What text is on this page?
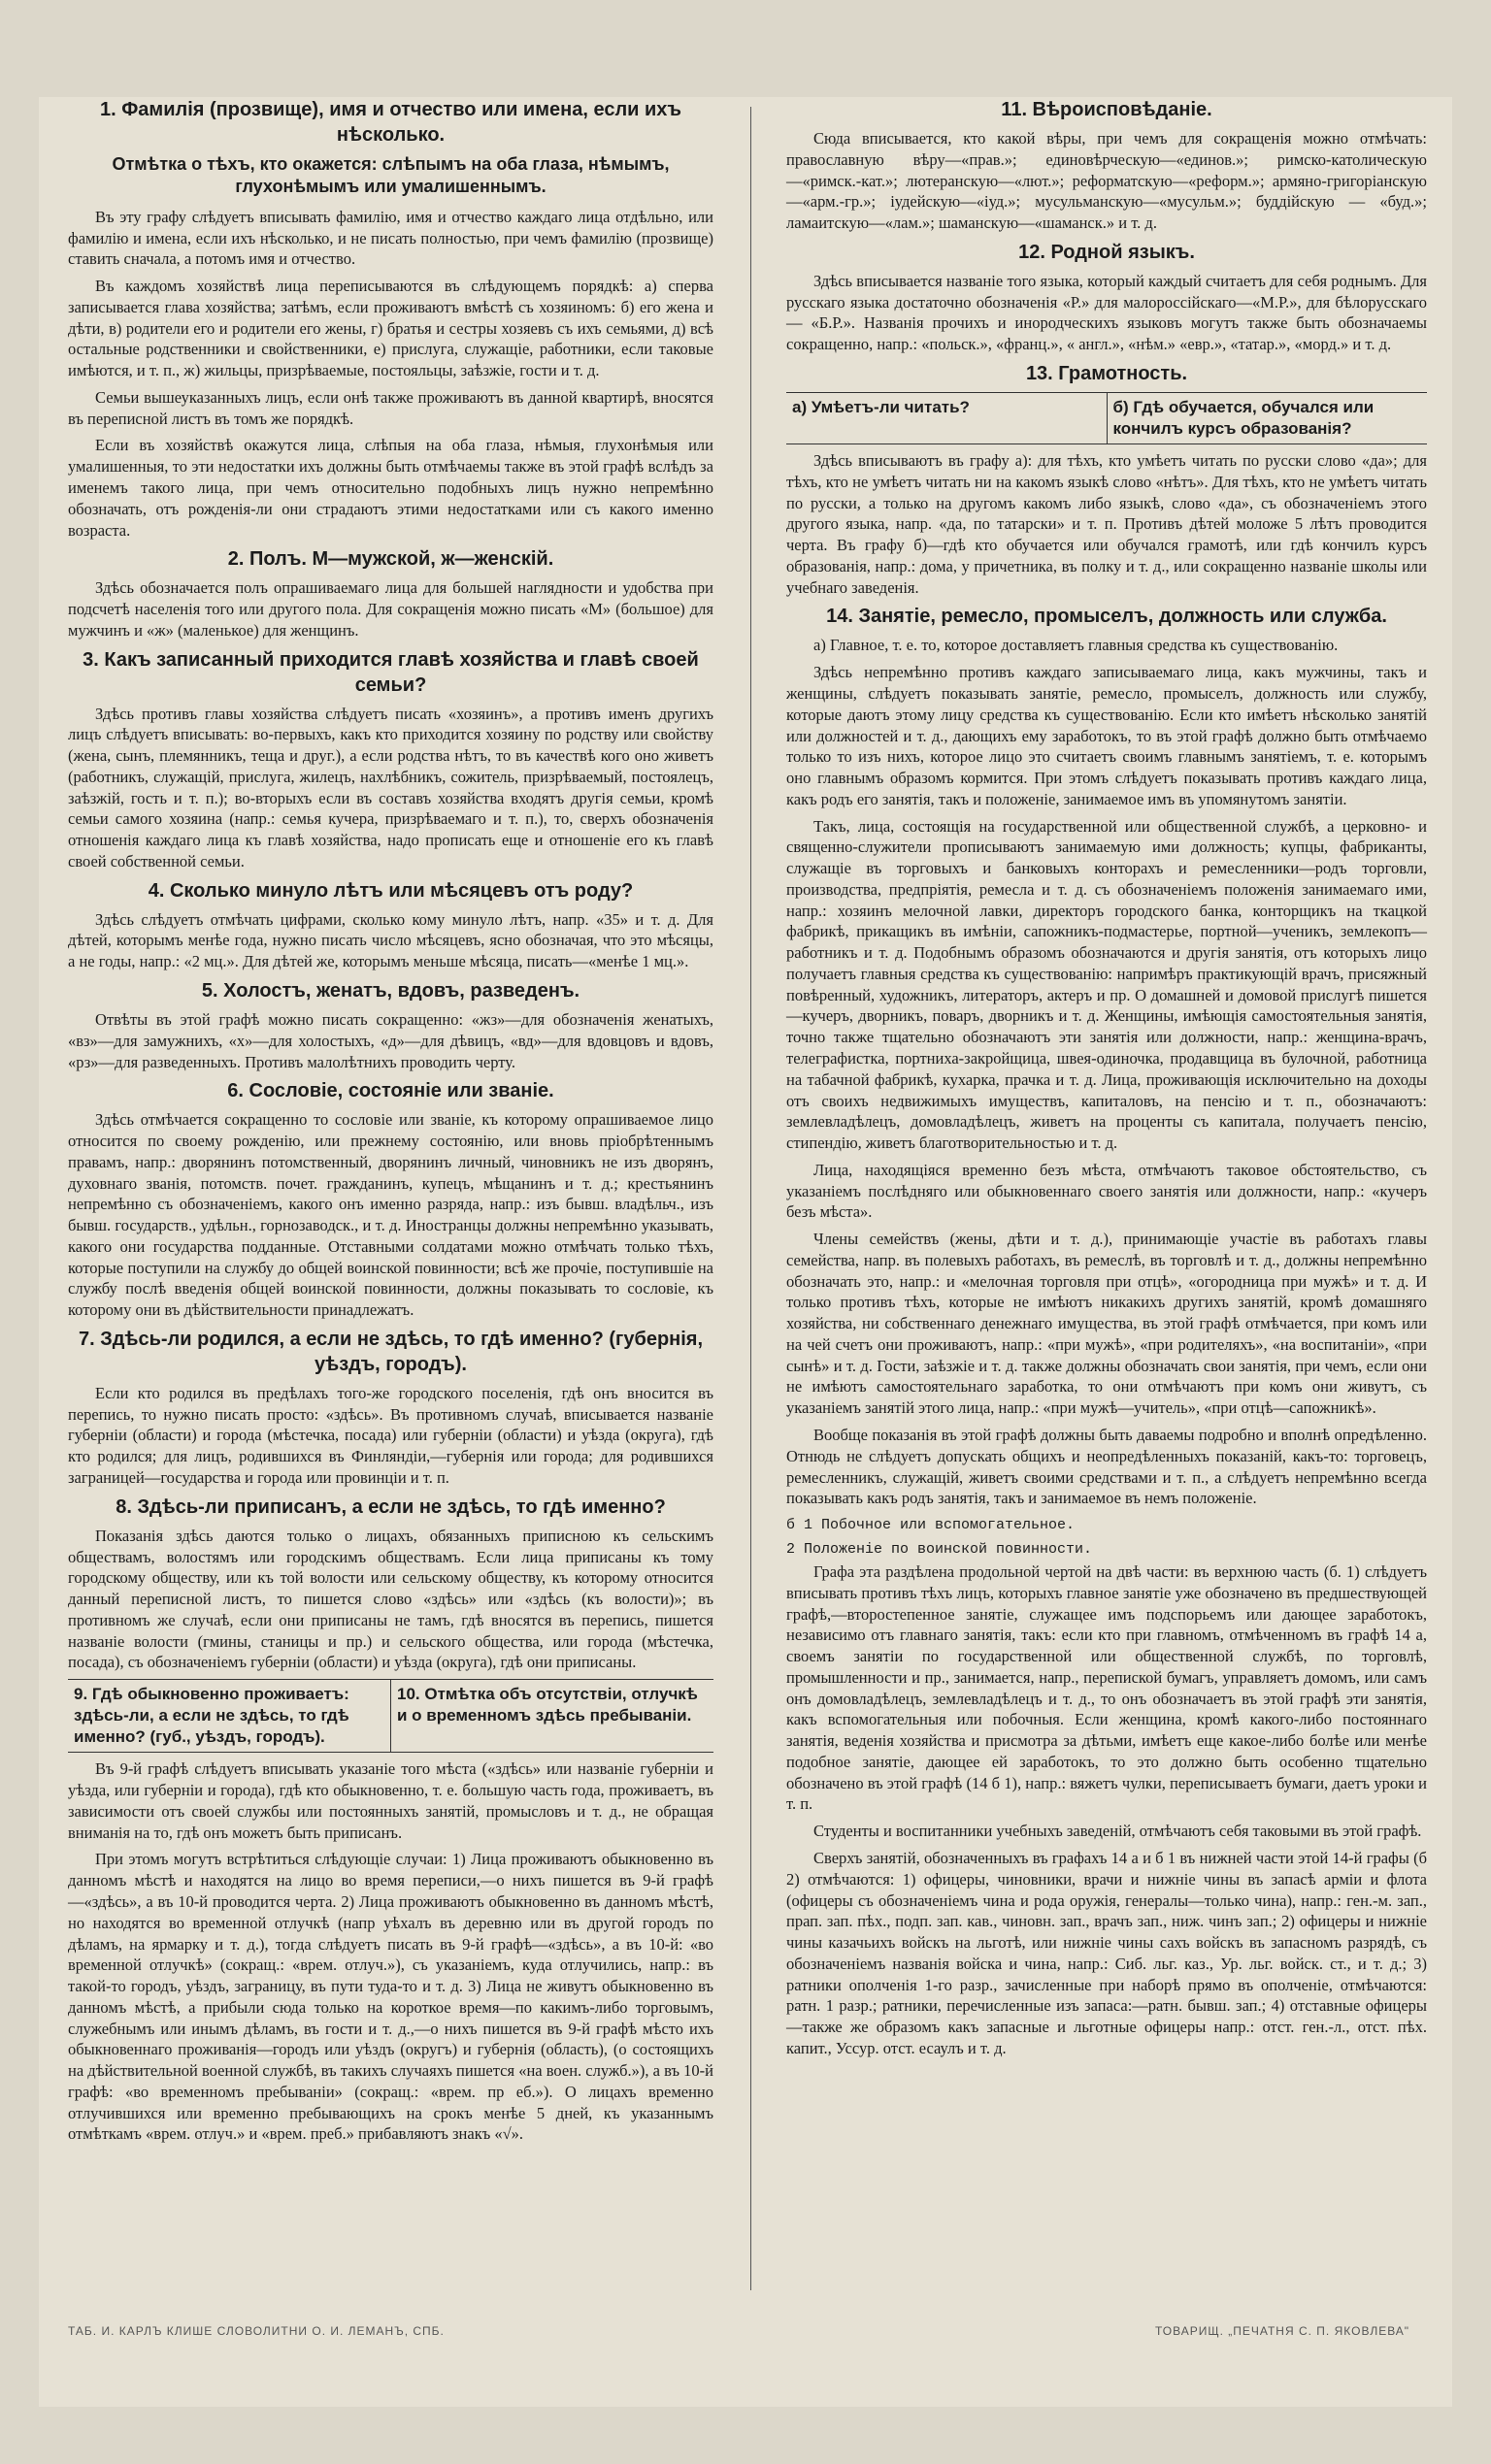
1. Фамилія (прозвище), имя и отчество или имена, если ихъ нѣсколько.
Отмѣтка о тѣхъ, кто окажется: слѣпымъ на оба глаза, нѣмымъ, глухонѣмымъ или умалишеннымъ.

Въ эту графу слѣдуетъ вписывать фамилію, имя и отчество каждаго лица отдѣльно, или фамилію и имена, если ихъ нѣсколько, и не писать полностью, при чемъ фамилію (прозвище) ставить сначала, а потомъ имя и отчество.

Въ каждомъ хозяйствѣ лица переписываются въ слѣдующемъ порядкѣ: а) сперва записывается глава хозяйства; затѣмъ, если проживаютъ вмѣстѣ съ хозяиномъ: б) его жена и дѣти, в) родители его и родители его жены, г) братья и сестры хозяевъ съ ихъ семьями, д) всѣ остальные родственники и свойственники, е) прислуга, служащіе, работники, если таковые имѣются, и т. п., ж) жильцы, призрѣваемые, постояльцы, заѣзжіе, гости и т. д.

Семьи вышеуказанныхъ лицъ, если онѣ также проживаютъ въ данной квартирѣ, вносятся въ переписной листъ въ томъ же порядкѣ.

Если въ хозяйствѣ окажутся лица, слѣпыя на оба глаза, нѣмыя, глухонѣмыя или умалишенныя, то эти недостатки ихъ должны быть отмѣчаемы также въ этой графѣ вслѣдъ за именемъ такого лица, при чемъ относительно подобныхъ лицъ нужно непремѣнно обозначать, отъ рожденія-ли они страдаютъ этими недостатками или съ какого именно возраста.

2. Полъ. М—мужской, ж—женскій.

Здѣсь обозначается полъ опрашиваемаго лица для большей наглядности и удобства при подсчетѣ населенія того или другого пола. Для сокращенія можно писать «М» (большое) для мужчинъ и «ж» (маленькое) для женщинъ.

3. Какъ записанный приходится главѣ хозяйства и главѣ своей семьи?

Здѣсь противъ главы хозяйства слѣдуетъ писать «хозяинъ», а противъ именъ другихъ лицъ слѣдуетъ вписывать: во-первыхъ, какъ кто приходится хозяину по родству или свойству (жена, сынъ, племянникъ, теща и друг.), а если родства нѣтъ, то въ качествѣ кого оно живетъ (работникъ, служащій, прислуга, жилецъ, нахлѣбникъ, сожитель, призрѣваемый, постоялецъ, заѣзжій, гость и т. п.); во-вторыхъ если въ составъ хозяйства входятъ другія семьи, кромѣ семьи самого хозяина (напр.: семья кучера, призрѣваемаго и т. п.), то, сверхъ обозначенія отношенія каждаго лица къ главѣ хозяйства, надо прописать еще и отношеніе его къ главѣ своей собственной семьи.

4. Сколько минуло лѣтъ или мѣсяцевъ отъ роду?

Здѣсь слѣдуетъ отмѣчать цифрами, сколько кому минуло лѣтъ, напр. «35» и т. д. Для дѣтей, которымъ менѣе года, нужно писать число мѣсяцевъ, ясно обозначая, что это мѣсяцы, а не годы, напр.: «2 мц.». Для дѣтей же, которымъ меньше мѣсяца, писать—«менѣе 1 мц.».

5. Холостъ, женатъ, вдовъ, разведенъ.

Отвѣты въ этой графѣ можно писать сокращенно: «жз»—для обозначенія женатыхъ, «вз»—для замужнихъ, «х»—для холостыхъ, «д»—для дѣвицъ, «вд»—для вдовцовъ и вдовъ, «рз»—для разведенныхъ. Противъ малолѣтнихъ проводить черту.

6. Сословіе, состояніе или званіе.

Здѣсь отмѣчается сокращенно то сословіе или званіе, къ которому опрашиваемое лицо относится по своему рожденію, или прежнему состоянію, или вновь пріобрѣтеннымъ правамъ, напр.: дворянинъ потомственный, дворянинъ личный, чиновникъ не изъ дворянъ, духовнаго званія, потомств. почет. гражданинъ, купецъ, мѣщанинъ и т. д.; крестьянинъ непремѣнно съ обозначеніемъ, какого онъ именно разряда, напр.: изъ бывш. владѣльч., изъ бывш. государств., удѣльн., горнозаводск., и т. д. Иностранцы должны непремѣнно указывать, какого они государства подданные. Отставными солдатами можно отмѣчать только тѣхъ, которые поступили на службу до общей воинской повинности; всѣ же прочіе, поступившіе на службу послѣ введенія общей воинской повинности, должны показывать то сословіе, къ которому они въ дѣйствительности принадлежатъ.

7. Здѣсь-ли родился, а если не здѣсь, то гдѣ именно? (губернія, уѣздъ, городъ).

Если кто родился въ предѣлахъ того-же городского поселенія, гдѣ онъ вносится въ перепись, то нужно писать просто: «здѣсь». Въ противномъ случаѣ, вписывается названіе губерніи (области) и города (мѣстечка, посада) или губерніи (области) и уѣзда (округа), гдѣ кто родился; для лицъ, родившихся въ Финляндіи,—губернія или города; для родившихся заграницей—государства и города или провинціи и т. п.

8. Здѣсь-ли приписанъ, а если не здѣсь, то гдѣ именно?

Показанія здѣсь даются только о лицахъ, обязанныхъ приписною къ сельскимъ обществамъ, волостямъ или городскимъ обществамъ. Если лица приписаны къ тому городскому обществу, или къ той волости или сельскому обществу, къ которому относится данный переписной листъ, то пишется слово «здѣсь» или «здѣсь (къ волости)»; въ противномъ же случаѣ, если они приписаны не тамъ, гдѣ вносятся въ перепись, пишется названіе волости (гмины, станицы и пр.) и сельского общества, или города (мѣстечка, посада), съ обозначеніемъ губерніи (области) и уѣзда (округа), гдѣ они приписаны.

9. Гдѣ обыкновенно проживаетъ: здѣсь-ли, а если не здѣсь, то гдѣ именно? (губ., уѣздъ, городъ).
10. Отмѣтка объ отсутствіи, отлучкѣ и о временномъ здѣсь пребываніи.

Въ 9-й графѣ слѣдуетъ вписывать указаніе того мѣста («здѣсь» или названіе губерніи и уѣзда, или губерніи и города), гдѣ кто обыкновенно, т. е. большую часть года, проживаетъ, въ зависимости отъ своей службы или постоянныхъ занятій, промысловъ и т. д., не обращая вниманія на то, гдѣ онъ можетъ быть приписанъ.

При этомъ могутъ встрѣтиться слѣдующіе случаи: 1) Лица проживаютъ обыкновенно въ данномъ мѣстѣ и находятся на лицо во время переписи,—о нихъ пишется въ 9-й графѣ—«здѣсь», а въ 10-й проводится черта. 2) Лица проживаютъ обыкновенно въ данномъ мѣстѣ, но находятся во временной отлучкѣ (напр уѣхалъ въ деревню или въ другой городъ по дѣламъ, на ярмарку и т. д.), тогда слѣдуетъ писать въ 9-й графѣ—«здѣсь», а въ 10-й: «во временной отлучкѣ» (сокращ.: «врем. отлуч.»), съ указаніемъ, куда отлучились, напр.: въ такой-то городъ, уѣздъ, заграницу, въ пути туда-то и т. д. 3) Лица не живутъ обыкновенно въ данномъ мѣстѣ, а прибыли сюда только на короткое время—по какимъ-либо торговымъ, служебнымъ или инымъ дѣламъ, въ гости и т. д.,—о нихъ пишется въ 9-й графѣ мѣсто ихъ обыкновеннаго проживанія—городъ или уѣздъ (округъ) и губернія (область), (о состоящихъ на дѣйствительной военной службѣ, въ такихъ случаяхъ пишется «на воен. служб.»), а въ 10-й графѣ: «во временномъ пребываніи» (сокращ.: «врем. пр еб.»). О лицахъ временно отлучившихся или временно пребывающихъ на срокъ менѣе 5 дней, къ указаннымъ отмѣткамъ «врем. отлуч.» и «врем. преб.» прибавляютъ знакъ «√».

11. Вѣроисповѣданіе.

Сюда вписывается, кто какой вѣры, при чемъ для сокращенія можно отмѣчать: православную вѣру—«прав.»; единовѣрческую—«единов.»; римско-католическую—«римск.-кат.»; лютеранскую—«лют.»; реформатскую—«реформ.»; армяно-григоріанскую—«арм.-гр.»; іудейскую—«іуд.»; мусульманскую—«мусульм.»; буддійскую — «буд.»; ламаитскую—«лам.»; шаманскую—«шаманск.» и т. д.

12. Родной языкъ.

Здѣсь вписывается названіе того языка, который каждый считаетъ для себя роднымъ. Для русскаго языка достаточно обозначенія «Р.» для малороссійскаго—«М.Р.», для бѣлорусскаго — «Б.Р.». Названія прочихъ и инородческихъ языковъ могутъ также быть обозначаемы сокращенно, напр.: «польск.», «франц.», « англ.», «нѣм.» «евр.», «татар.», «морд.» и т. д.

13. Грамотность.
а) Умѣетъ-ли читать?	б) Гдѣ обучается, обучался или кончилъ курсъ образованія?

Здѣсь вписываютъ въ графу а): для тѣхъ, кто умѣетъ читать по русски слово «да»; для тѣхъ, кто не умѣетъ читать ни на какомъ языкѣ слово «нѣтъ». Для тѣхъ, кто не умѣетъ читать по русски, а только на другомъ какомъ либо языкѣ, слово «да», съ обозначеніемъ этого другого языка, напр. «да, по татарски» и т. п. Противъ дѣтей моложе 5 лѣтъ проводится черта. Въ графу б)—гдѣ кто обучается или обучался грамотѣ, или гдѣ кончилъ курсъ образованія, напр.: дома, у причетника, въ полку и т. д., или сокращенно названіе школы или учебнаго заведенія.

14. Занятіе, ремесло, промыселъ, должность или служба.

а) Главное, т. е. то, которое доставляетъ главныя средства къ существованію.

Здѣсь непремѣнно противъ каждаго записываемаго лица, какъ мужчины, такъ и женщины, слѣдуетъ показывать занятіе, ремесло, промыселъ, должность или службу, которые даютъ этому лицу средства къ существованію. Если кто имѣетъ нѣсколько занятій или должностей и т. д., дающихъ ему заработокъ, то въ этой графѣ должно быть отмѣчаемо только то изъ нихъ, которое лицо это считаетъ своимъ главнымъ занятіемъ, т. е. которымъ оно главнымъ образомъ кормится. При этомъ слѣдуетъ показывать противъ каждаго лица, какъ родъ его занятія, такъ и положеніе, занимаемое имъ въ упомянутомъ занятіи.

Такъ, лица, состоящія на государственной или общественной службѣ, а церковно- и священно-служители прописываютъ занимаемую ими должность; купцы, фабриканты, служащіе въ торговыхъ и банковыхъ конторахъ и ремесленники—родъ торговли, производства, предпріятія, ремесла и т. д. съ обозначеніемъ положенія занимаемаго ими, напр.: хозяинъ мелочной лавки, директоръ городского банка, конторщикъ на ткацкой фабрикѣ, прикащикъ въ имѣніи, сапожникъ-подмастерье, портной—ученикъ, землекопъ—работникъ и т. д. Подобнымъ образомъ обозначаются и другія занятія, отъ которыхъ лицо получаетъ главныя средства къ существованію: напримѣръ практикующій врачъ, присяжный повѣренный, художникъ, литераторъ, актеръ и пр. О домашней и домовой прислугѣ пишется—кучеръ, дворникъ, поваръ, дворникъ и т. д. Женщины, имѣющія самостоятельныя занятія, точно также тщательно обозначаютъ эти занятія или должности, напр.: женщина-врачъ, телеграфистка, портниха-закройщица, швея-одиночка, продавщица въ булочной, работница на табачной фабрикѣ, кухарка, прачка и т. д. Лица, проживающія исключительно на доходы отъ своихъ недвижимыхъ имуществъ, капиталовъ, на пенсію и т. п., обозначаютъ: землевладѣлецъ, домовладѣлецъ, живетъ на проценты съ капитала, получаетъ пенсію, стипендію, живетъ благотворительностью и т. д.

Лица, находящіяся временно безъ мѣста, отмѣчаютъ таковое обстоятельство, съ указаніемъ послѣдняго или обыкновеннаго своего занятія или должности, напр.: «кучеръ безъ мѣста».

Члены семействъ (жены, дѣти и т. д.), принимающіе участіе въ работахъ главы семейства, напр. въ полевыхъ работахъ, въ ремеслѣ, въ торговлѣ и т. д., должны непремѣнно обозначать это, напр.: и «мелочная торговля при отцѣ», «огородница при мужѣ» и т. д. И только противъ тѣхъ, которые не имѣютъ никакихъ другихъ занятій, кромѣ домашняго хозяйства, ни собственнаго денежнаго имущества, въ этой графѣ отмѣчается, при комъ или на чей счетъ они проживаютъ, напр.: «при мужѣ», «при родителяхъ», «на воспитаніи», «при сынѣ» и т. д. Гости, заѣзжіе и т. д. также должны обозначать свои занятія, при чемъ, если они не имѣютъ самостоятельнаго заработка, то они отмѣчаютъ при комъ они живутъ, съ указаніемъ занятій этого лица, напр.: «при мужѣ—учитель», «при отцѣ—сапожникѣ».

Вообще показанія въ этой графѣ должны быть даваемы подробно и вполнѣ опредѣленно. Отнюдь не слѣдуетъ допускать общихъ и неопредѣленныхъ показаній, какъ-то: торговецъ, ремесленникъ, служащій, живетъ своими средствами и т. п., а слѣдуетъ непремѣнно всегда показывать какъ родъ занятія, такъ и занимаемое въ немъ положеніе.

б 1 Побочное или вспомогательное.
2 Положеніе по воинской повинности.

Графа эта раздѣлена продольной чертой на двѣ части: въ верхнюю часть (б. 1) слѣдуетъ вписывать противъ тѣхъ лицъ, которыхъ главное занятіе уже обозначено въ предшествующей графѣ,—второстепенное занятіе, служащее имъ подспорьемъ или дающее заработокъ, независимо отъ главнаго занятія, такъ: если кто при главномъ, отмѣченномъ въ графѣ 14 а, своемъ занятіи по государственной или общественной службѣ, по торговлѣ, промышленности и пр., занимается, напр., перепиской бумагъ, управляетъ домомъ, или самъ онъ домовладѣлецъ, землевладѣлецъ и т. д., то онъ обозначаетъ въ этой графѣ эти занятія, какъ вспомогательныя или побочныя. Если женщина, кромѣ какого-либо постояннаго занятія, веденія хозяйства и присмотра за дѣтьми, имѣетъ еще какое-либо болѣе или менѣе подобное занятіе, дающее ей заработокъ, то это должно быть особенно тщательно обозначено въ этой графѣ (14 б 1), напр.: вяжетъ чулки, переписываетъ бумаги, даетъ уроки и т. п.

Студенты и воспитанники учебныхъ заведеній, отмѣчаютъ себя таковыми въ этой графѣ.

Сверхъ занятій, обозначенныхъ въ графахъ 14 а и б 1 въ нижней части этой 14-й графы (б 2) отмѣчаются: 1) офицеры, чиновники, врачи и нижніе чины въ запасѣ арміи и флота (офицеры съ обозначеніемъ чина и рода оружія, генералы—только чина), напр.: ген.-м. зап., прап. зап. пѣх., подп. зап. кав., чиновн. зап., врачъ зап., ниж. чинъ зап.; 2) офицеры и нижніе чины казачьихъ войскъ на льготѣ, или нижніе чины сахъ войскъ въ запасномъ разрядѣ, съ обозначеніемъ названія войска и чина, напр.: Сиб. льг. каз., Ур. льг. войск. ст., и т. д.; 3) ратники ополченія 1-го разр., зачисленные при наборѣ прямо въ ополченіе, отмѣчаются: ратн. 1 разр.; ратники, перечисленные изъ запаса:—ратн. бывш. зап.; 4) отставные офицеры—также же образомъ какъ запасные и льготные офицеры напр.: отст. ген.-л., отст. пѣх. капит., Уссур. отст. есаулъ и т. д.

ТАБ. И. КАРЛЪ КЛИШЕ СЛОВОЛИТНИ О. И. ЛЕМАНЪ, СПБ.	ТОВАРИЩ. „ПЕЧАТНЯ С. П. ЯКОВЛЕВА"
